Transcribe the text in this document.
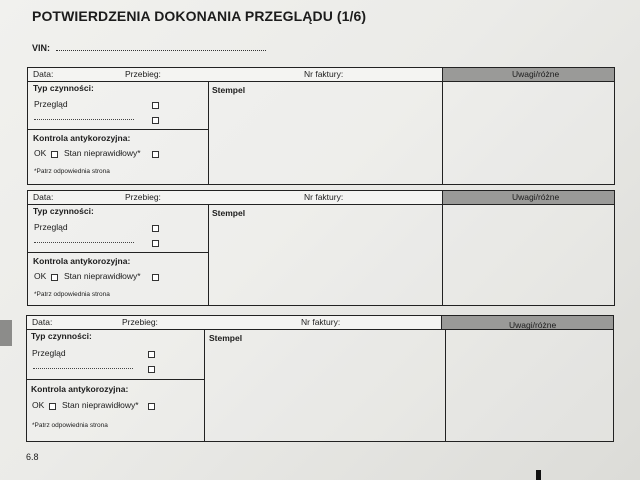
POTWIERDZENIA DOKONANIA PRZEGLĄDU (1/6)
VIN:
Data:	Przebieg:	Nr faktury:	Uwagi/różne
Typ czynności:
Przegląd
Kontrola antykorozyjna:
OK Stan nieprawidłowy*
*Patrz odpowiednia strona
Stempel
Data:	Przebieg:	Nr faktury:	Uwagi/różne
Typ czynności:
Przegląd
Kontrola antykorozyjna:
OK Stan nieprawidłowy*
*Patrz odpowiednia strona
Stempel
Data:	Przebieg:	Nr faktury:	Uwagi/różne
Typ czynności:
Przegląd
Kontrola antykorozyjna:
OK Stan nieprawidłowy*
*Patrz odpowiednia strona
Stempel
6.8
